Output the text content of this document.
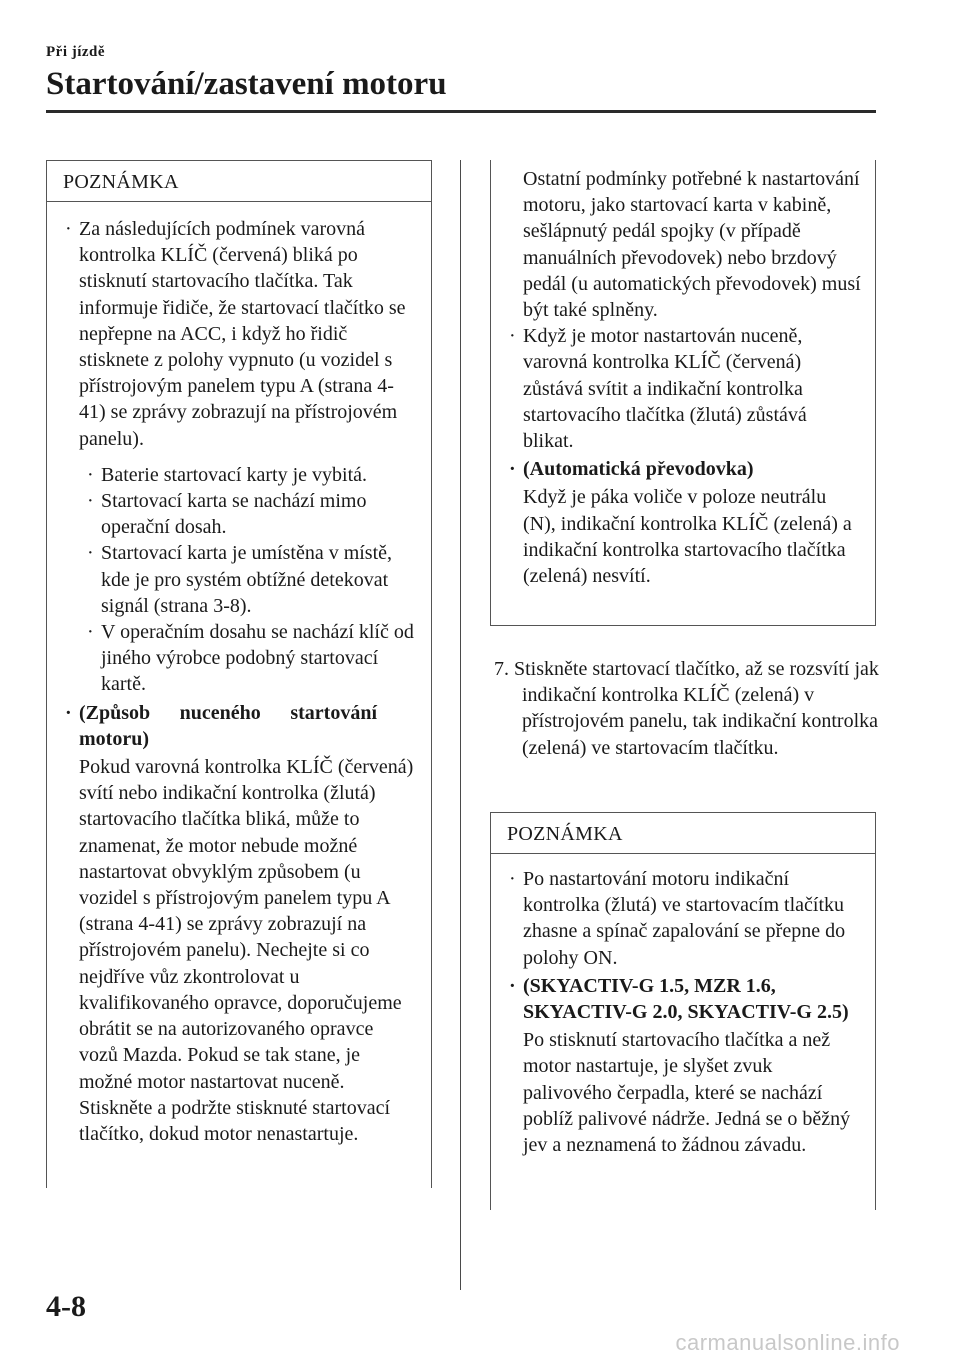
Při jízdě
Startování/zastavení motoru
POZNÁMKA

· Za následujících podmínek varovná kontrolka KLÍČ (červená) bliká po stisknutí startovacího tlačítka. Tak informuje řidiče, že startovací tlačítko se nepřepne na ACC, i když ho řidič stisknete z polohy vypnuto (u vozidel s přístrojovým panelem typu A (strana 4-41) se zprávy zobrazují na přístrojovém panelu).

· Baterie startovací karty je vybitá.

· Startovací karta se nachází mimo operační dosah.

· Startovací karta je umístěna v místě, kde je pro systém obtížné detekovat signál (strana 3-8).

· V operačním dosahu se nachází klíč od jiného výrobce podobný startovací kartě.

· (Způsob nuceného startování motoru)

Pokud varovná kontrolka KLÍČ (červená) svítí nebo indikační kontrolka (žlutá) startovacího tlačítka bliká, může to znamenat, že motor nebude možné nastartovat obvyklým způsobem (u vozidel s přístrojovým panelem typu A (strana 4-41) se zprávy zobrazují na přístrojovém panelu). Nechejte si co nejdříve vůz zkontrolovat u kvalifikovaného opravce, doporučujeme obrátit se na autorizovaného opravce vozů Mazda. Pokud se tak stane, je možné motor nastartovat nuceně. Stiskněte a podržte stisknuté startovací tlačítko, dokud motor nenastartuje.

Ostatní podmínky potřebné k nastartování motoru, jako startovací karta v kabině, sešlápnutý pedál spojky (v případě manuálních převodovek) nebo brzdový pedál (u automatických převodovek) musí být také splněny.

· Když je motor nastartován nuceně, varovná kontrolka KLÍČ (červená) zůstává svítit a indikační kontrolka startovacího tlačítka (žlutá) zůstává blikat.

· (Automatická převodovka)

Když je páka voliče v poloze neutrálu (N), indikační kontrolka KLÍČ (zelená) a indikační kontrolka startovacího tlačítka (zelená) nesvítí.

7. Stiskněte startovací tlačítko, až se rozsvítí jak indikační kontrolka KLÍČ (zelená) v přístrojovém panelu, tak indikační kontrolka (zelená) ve startovacím tlačítku.

POZNÁMKA

· Po nastartování motoru indikační kontrolka (žlutá) ve startovacím tlačítku zhasne a spínač zapalování se přepne do polohy ON.

· (SKYACTIV-G 1.5, MZR 1.6, SKYACTIV-G 2.0, SKYACTIV-G 2.5)

Po stisknutí startovacího tlačítka a než motor nastartuje, je slyšet zvuk palivového čerpadla, které se nachází poblíž palivové nádrže. Jedná se o běžný jev a neznamená to žádnou závadu.

4-8
carmanualsonline.info
